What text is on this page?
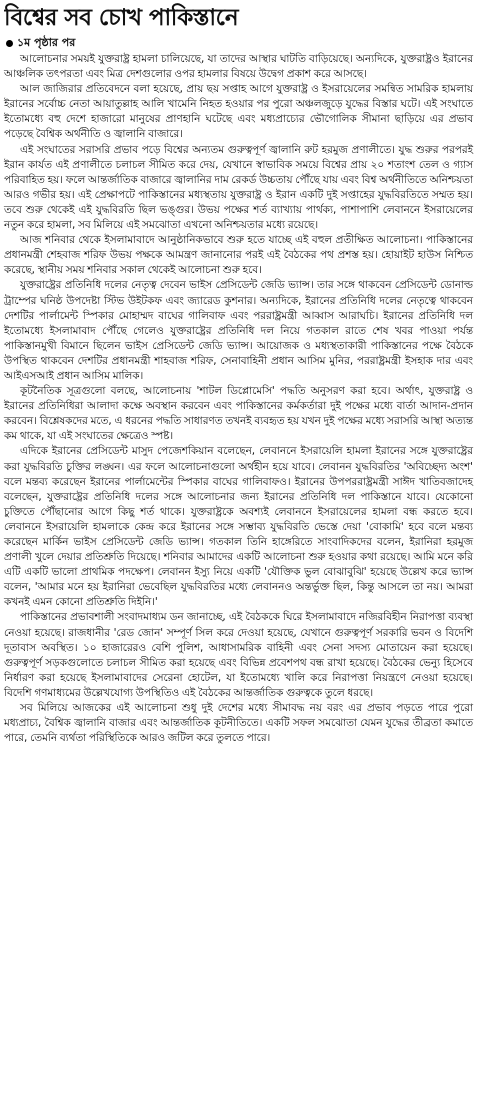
বিশ্বের সব চোখ পাকিস্তানে
১ম পৃষ্ঠার পর

আলোচনার সময়ই যুক্তরাষ্ট্র হামলা চালিয়েছে, যা তাদের আস্থার ঘাটতি বাড়িয়েছে। অন্যদিকে, যুক্তরাষ্ট্রও ইরানের আঞ্চলিক তৎপরতা এবং মিত্র দেশগুলোর ওপর হামলার বিষয়ে উদ্বেগ প্রকাশ করে আসছে।

আল জাজিরার প্রতিবেদনে বলা হয়েছে, প্রায় ছয় সপ্তাহ আগে যুক্তরাষ্ট্র ও ইসরায়েলের সমন্বিত সামরিক হামলায় ইরানের সর্বোচ্চ নেতা আয়াতুল্লাহ আলি খামেনি নিহত হওয়ার পর পুরো অঞ্চলজুড়ে যুদ্ধের বিস্তার ঘটে। এই সংঘাতে ইতোমধ্যে বহু দেশে হাজারো মানুষের প্রাণহানি ঘটেছে এবং মধ্যপ্রাচ্যের ভৌগোলিক সীমানা ছাড়িয়ে এর প্রভাব পড়েছে বৈশ্বিক অর্থনীতি ও জ্বালানি বাজারে।

এই সংঘাতের সরাসরি প্রভাব পড়ে বিশ্বের অন্যতম গুরুত্বপূর্ণ জ্বালানি রুট হরমুজ প্রণালীতে। যুদ্ধ শুরুর পরপরই ইরান কার্যত এই প্রণালীতে চলাচল সীমিত করে দেয়, যেখানে স্বাভাবিক সময়ে বিশ্বের প্রায় ২০ শতাংশ তেল ও গ্যাস পরিবাহিত হয়। ফলে আন্তর্জাতিক বাজারে জ্বালানির দাম রেকর্ড উচ্চতায় পৌঁছে যায় এবং বিশ্ব অর্থনীতিতে অনিশ্চয়তা আরও গভীর হয়। এই প্রেক্ষাপটে পাকিস্তানের মধ্যস্থতায় যুক্তরাষ্ট্র ও ইরান একটি দুই সপ্তাহের যুদ্ধবিরতিতে সম্মত হয়। তবে শুরু থেকেই এই যুদ্ধবিরতি ছিল ভঙ্গুর। উভয় পক্ষের শর্ত ব্যাখ্যায় পার্থক্য, পাশাপাশি লেবাননে ইসরায়েলের নতুন করে হামলা, সব মিলিয়ে এই সমঝোতা এখনো অনিশ্চয়তার মধ্যে রয়েছে।

আজ শনিবার থেকে ইসলামাবাদে আনুষ্ঠানিকভাবে শুরু হতে যাচ্ছে এই বহুল প্রতীক্ষিত আলোচনা। পাকিস্তানের প্রধানমন্ত্রী শেহবাজ শরিফ উভয় পক্ষকে আমন্ত্রণ জানানোর পরই এই বৈঠকের পথ প্রশস্ত হয়। হোয়াইট হাউস নিশ্চিত করেছে, স্থানীয় সময় শনিবার সকাল থেকেই আলোচনা শুরু হবে।

যুক্তরাষ্ট্রের প্রতিনিধি দলের নেতৃত্ব দেবেন ভাইস প্রেসিডেন্ট জেডি ভ্যান্স। তার সঙ্গে থাকবেন প্রেসিডেন্ট ডোনাল্ড ট্রাম্পের ঘনিষ্ঠ উপদেষ্টা স্টিভ উইটকফ এবং জ্যারেড কুশনার। অন্যদিকে, ইরানের প্রতিনিধি দলের নেতৃত্বে থাকবেন দেশটির পার্লামেন্ট স্পিকার মোহাম্মদ বাঘের গালিবাফ এবং পররাষ্ট্রমন্ত্রী আব্বাস আরাঘচি। ইরানের প্রতিনিধি দল ইতোমধ্যে ইসলামাবাদ পৌঁছে গেলেও যুক্তরাষ্ট্রের প্রতিনিধি দল নিয়ে গতকাল রাতে শেষ খবর পাওয়া পর্যন্ত পাকিস্তানমুখী বিমানে ছিলেন ভাইস প্রেসিডেন্ট জেডি ভ্যান্স। আয়োজক ও মধ্যস্থতাকারী পাকিস্তানের পক্ষে বৈঠকে উপস্থিত থাকবেন দেশটির প্রধানমন্ত্রী শাহবাজ শরিফ, সেনাবাহিনী প্রধান আসিম মুনির, পররাষ্ট্রমন্ত্রী ইসহাক দার এবং আইএসআই প্রধান আসিম মালিক।

কূটনৈতিক সূত্রগুলো বলছে, আলোচনায় 'শাটল ডিপ্লোমেসি' পদ্ধতি অনুসরণ করা হবে। অর্থাৎ, যুক্তরাষ্ট্র ও ইরানের প্রতিনিধিরা আলাদা কক্ষে অবস্থান করবেন এবং পাকিস্তানের কর্মকর্তারা দুই পক্ষের মধ্যে বার্তা আদান-প্রদান করবেন। বিশ্লেষকদের মতে, এ ধরনের পদ্ধতি সাধারণত তখনই ব্যবহৃত হয় যখন দুই পক্ষের মধ্যে সরাসরি আস্থা অত্যন্ত কম থাকে, যা এই সংঘাতের ক্ষেত্রেও স্পষ্ট।

এদিকে ইরানের প্রেসিডেন্ট মাসুদ পেজেশকিয়ান বলেছেন, লেবাননে ইসরায়েলি হামলা ইরানের সঙ্গে যুক্তরাষ্ট্রের করা যুদ্ধবিরতি চুক্তির লঙ্ঘন। এর ফলে আলোচনাগুলো অর্থহীন হয়ে যাবে। লেবানন যুদ্ধবিরতির 'অবিচ্ছেদ্য অংশ' বলে মন্তব্য করেছেন ইরানের পার্লামেন্টের স্পিকার বাঘের গালিবাফও। ইরানের উপপররাষ্ট্রমন্ত্রী সাঈদ খাতিবজাদেহ বলেছেন, যুক্তরাষ্ট্রের প্রতিনিধি দলের সঙ্গে আলোচনার জন্য ইরানের প্রতিনিধি দল পাকিস্তানে যাবে। যেকোনো চুক্তিতে পৌঁছানোর আগে কিছু শর্ত থাকে। যুক্তরাষ্ট্রকে অবশ্যই লেবাননে ইসরায়েলের হামলা বন্ধ করতে হবে। লেবাননে ইসরায়েলি হামলাকে কেন্দ্র করে ইরানের সঙ্গে সম্ভাব্য যুদ্ধবিরতি ভেস্তে দেয়া 'বোকামি' হবে বলে মন্তব্য করেছেন মার্কিন ভাইস প্রেসিডেন্ট জেডি ভ্যান্স। গতকাল তিনি হাঙ্গেরিতে সাংবাদিকদের বলেন, ইরানিরা হরমুজ প্রণালী খুলে দেয়ার প্রতিশ্রুতি দিয়েছে। শনিবার আমাদের একটি আলোচনা শুরু হওয়ার কথা রয়েছে। আমি মনে করি এটি একটি ভালো প্রাথমিক পদক্ষেপ। লেবানন ইস্যু নিয়ে একটি 'যৌক্তিক ভুল বোঝাবুঝি' হয়েছে উল্লেখ করে ভ্যান্স বলেন, 'আমার মনে হয় ইরানিরা ভেবেছিল যুদ্ধবিরতির মধ্যে লেবাননও অন্তর্ভুক্ত ছিল, কিন্তু আসলে তা নয়। আমরা কখনই এমন কোনো প্রতিশ্রুতি দিইনি।'

পাকিস্তানের প্রভাবশালী সংবাদমাধ্যম ডন জানাচ্ছে, এই বৈঠককে ঘিরে ইসলামাবাদে নজিরবিহীন নিরাপত্তা ব্যবস্থা নেওয়া হয়েছে। রাজধানীর 'রেড জোন' সম্পূর্ণ সিল করে দেওয়া হয়েছে, যেখানে গুরুত্বপূর্ণ সরকারি ভবন ও বিদেশি দূতাবাস অবস্থিত। ১০ হাজারেরও বেশি পুলিশ, আধাসামরিক বাহিনী এবং সেনা সদস্য মোতায়েন করা হয়েছে। গুরুত্বপূর্ণ সড়কগুলোতে চলাচল সীমিত করা হয়েছে এবং বিভিন্ন প্রবেশপথ বন্ধ রাখা হয়েছে। বৈঠকের ভেন্যু হিসেবে নির্ধারণ করা হয়েছে ইসলামাবাদের সেরেনা হোটেল, যা ইতোমধ্যে খালি করে নিরাপত্তা নিয়ন্ত্রণে নেওয়া হয়েছে। বিদেশি গণমাধ্যমের উল্লেখযোগ্য উপস্থিতিও এই বৈঠকের আন্তর্জাতিক গুরুত্বকে তুলে ধরছে।

সব মিলিয়ে আজকের এই আলোচনা শুধু দুই দেশের মধ্যে সীমাবদ্ধ নয় বরং এর প্রভাব পড়তে পারে পুরো মধ্যপ্রাচ্য, বৈশ্বিক জ্বালানি বাজার এবং আন্তর্জাতিক কূটনীতিতে। একটি সফল সমঝোতা যেমন যুদ্ধের তীব্রতা কমাতে পারে, তেমনি ব্যর্থতা পরিস্থিতিকে আরও জটিল করে তুলতে পারে।
